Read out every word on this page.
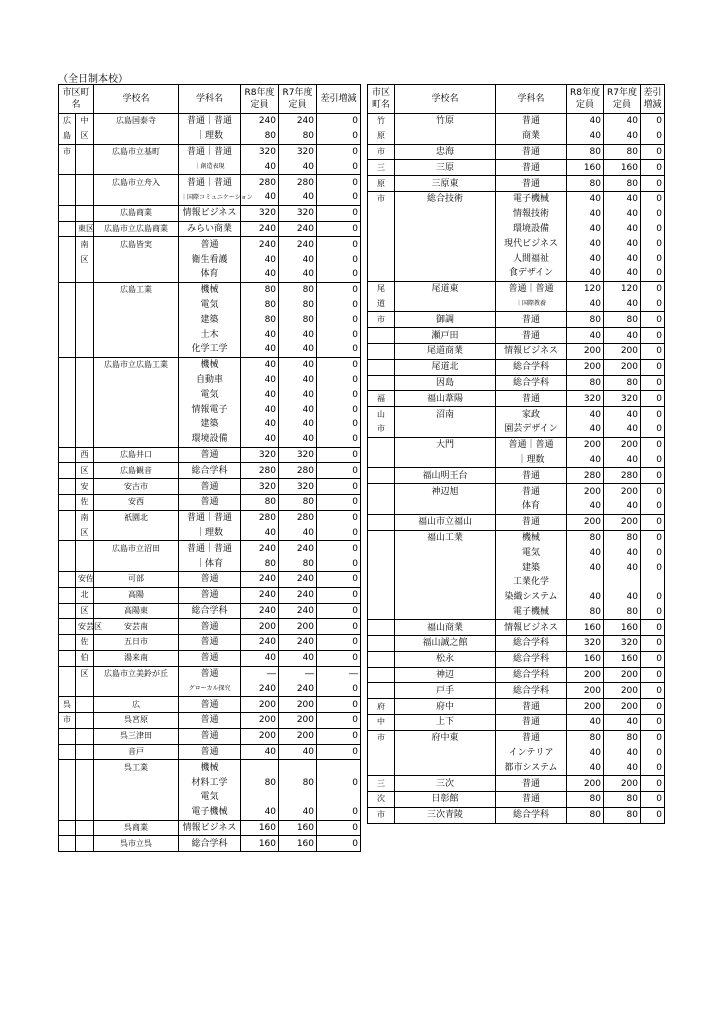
（全日制本校）
市区町名		学校名	学科名	R8年度定員	R7年度定員	差引増減
広	中	広島国泰寺	普通｜普通	240	240	0
島	区		｜理数	80	80	0
市		広島市立基町	普通｜普通	320	320	0
			｜創造表現	40	40	0
		広島市立舟入	普通｜普通	280	280	0
			｜国際コミュニケーション	40	40	0
		広島商業	情報ビジネス	320	320	0
	東区	広島市立広島商業	みらい商業	240	240	0
	南	広島皆実	普通	240	240	0
	区		衛生看護	40	40	0
			体育	40	40	0
		広島工業	機械	80	80	0
			電気	80	80	0
			建築	80	80	0
			土木	40	40	0
			化学工学	40	40	0
		広島市立広島工業	機械	40	40	0
			自動車	40	40	0
			電気	40	40	0
			情報電子	40	40	0
			建築	40	40	0
			環境設備	40	40	0
	西	広島井口	普通	320	320	0
	区	広島観音	総合学科	280	280	0
	安	安古市	普通	320	320	0
	佐	安西	普通	80	80	0
	南	祇園北	普通｜普通	280	280	0
	区		｜理数	40	40	0
		広島市立沼田	普通｜普通	240	240	0
			｜体育	80	80	0
	安佐	可部	普通	240	240	0
	北	高陽	普通	240	240	0
	区	高陽東	総合学科	240	240	0
	安芸区	安芸南	普通	200	200	0
	佐	五日市	普通	240	240	0
	伯	湯来南	普通	40	40	0
	区	広島市立美鈴が丘	普通	―	―	―
			グローカル探究	240	240	0
呉		広	普通	200	200	0
市		呉宮原	普通	200	200	0
		呉三津田	普通	200	200	0
		音戸	普通	40	40	0
		呉工業	機械			
			材料工学	80	80	0
			電気			
			電子機械	40	40	0
		呉商業	情報ビジネス	160	160	0
		呉市立呉	総合学科	160	160	0
市区町名	学校名	学科名	R8年度定員	R7年度定員	差引増減
竹	竹原	普通	40	40	0
原		商業	40	40	0
市	忠海	普通	80	80	0
三	三原	普通	160	160	0
原	三原東	普通	80	80	0
市	総合技術	電子機械	40	40	0
		情報技術	40	40	0
		環境設備	40	40	0
		現代ビジネス	40	40	0
		人間福祉	40	40	0
		食デザイン	40	40	0
尾	尾道東	普通｜普通	120	120	0
道		｜国際教養	40	40	0
市	御調	普通	80	80	0
	瀬戸田	普通	40	40	0
	尾道商業	情報ビジネス	200	200	0
	尾道北	総合学科	200	200	0
	因島	総合学科	80	80	0
福	福山葦陽	普通	320	320	0
山	沼南	家政	40	40	0
市		園芸デザイン	40	40	0
	大門	普通｜普通	200	200	0
		｜理数	40	40	0
	福山明王台	普通	280	280	0
	神辺旭	普通	200	200	0
		体育	40	40	0
	福山市立福山	普通	200	200	0
	福山工業	機械	80	80	0
		電気	40	40	0
		建築	40	40	0
		工業化学			
		染織システム	40	40	0
		電子機械	80	80	0
	福山商業	情報ビジネス	160	160	0
	福山誠之館	総合学科	320	320	0
	松永	総合学科	160	160	0
	神辺	総合学科	200	200	0
	戸手	総合学科	200	200	0
府	府中	普通	200	200	0
中	上下	普通	40	40	0
市	府中東	普通	80	80	0
		インテリア	40	40	0
		都市システム	40	40	0
三	三次	普通	200	200	0
次	日彰館	普通	80	80	0
市	三次青陵	総合学科	80	80	0
